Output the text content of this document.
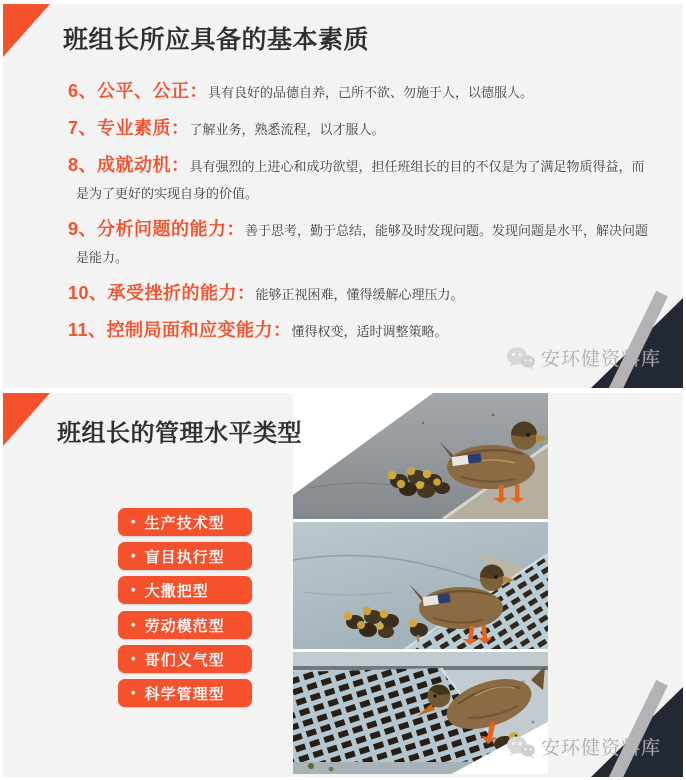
班组长所应具备的基本素质

6、公平、公正：具有良好的品德自养，己所不欲、勿施于人，以德服人。

7、专业素质：了解业务，熟悉流程，以才服人。

8、成就动机：具有强烈的上进心和成功欲望，担任班组长的目的不仅是为了满足物质得益，而是为了更好的实现自身的价值。

9、分析问题的能力：善于思考，勤于总结，能够及时发现问题。发现问题是水平，解决问题是能力。

10、承受挫折的能力：能够正视困难，懂得缓解心理压力。

11、控制局面和应变能力：懂得权变，适时调整策略。

安环健资料库
班组长的管理水平类型
• 生产技术型
• 盲目执行型
• 大撒把型
• 劳动模范型
• 哥们义气型
• 科学管理型
安环健资料库
